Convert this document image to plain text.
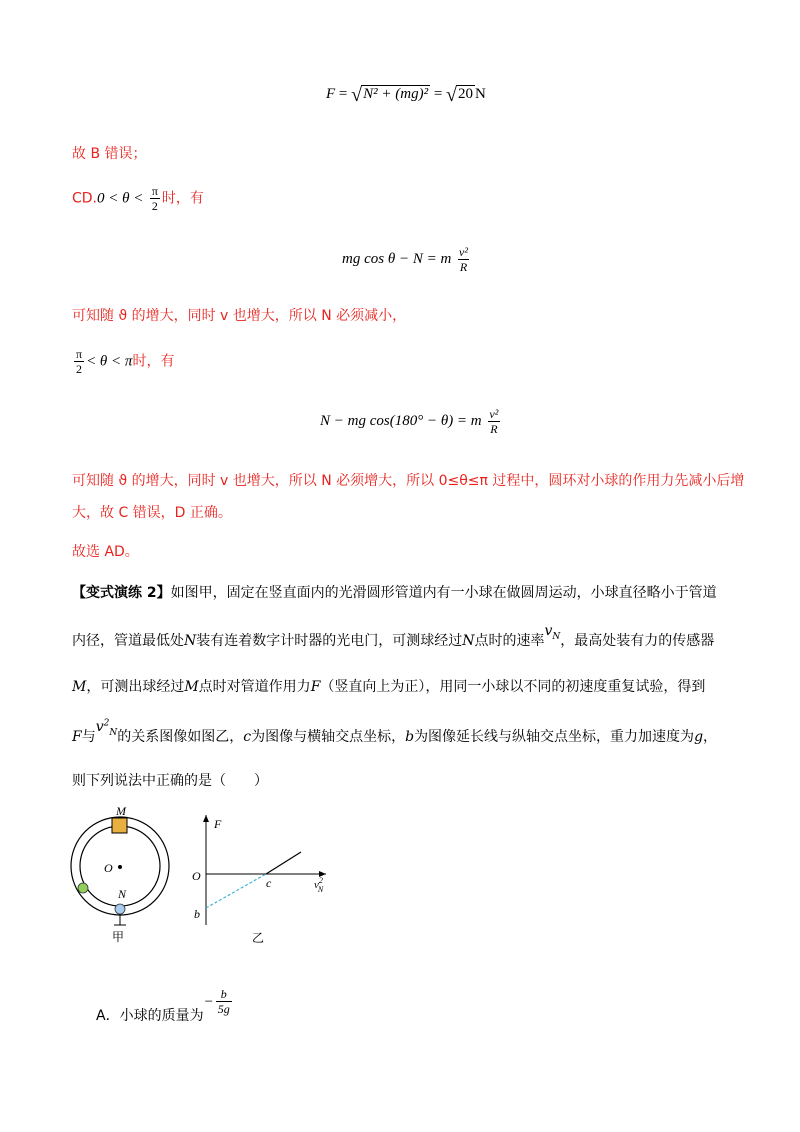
F = √N² + (mg)² = √20 N
故 B 错误；
$CD.0 < \theta < \frac{\pi}{2}$ 时，有
mg cos θ − N = m $\frac{\text{v²}}{R}$
可知随 ϑ 的增大，同时 v 也增大，所以 N 必须减小，
$\frac{\pi}{2} < \theta < \pi$时，有
N − mg cos(180° − θ) = m $\frac{\text{v²}}{R}$
可知随 ϑ 的增大，同时 v 也增大，所以 N 必须增大，所以 0≤θ≤π 过程中，圆环对小球的作用力先减小后增
大，故 C 错误，D 正确。
故选 AD。
【变式演练 2】如图甲，固定在竖直面内的光滑圆形管道内有一小球在做圆周运动，小球直径略小于管道
内径，管道最低处N装有连着数字计时器的光电门，可测球经过N点时的速率$v_N$，最高处装有力的传感器
M，可测出球经过M点时对管道作用力F（竖直向上为正），用同一小球以不同的初速度重复试验，得到
F与$v^2_N$的关系图像如图乙，c为图像与横轴交点坐标，b为图像延长线与纵轴交点坐标，重力加速度为g，
则下列说法中正确的是（　　）
M
O
N
甲
F
O	c
b
$v^2$ N
乙
A．小球的质量为− $\frac{b}{5g}$
